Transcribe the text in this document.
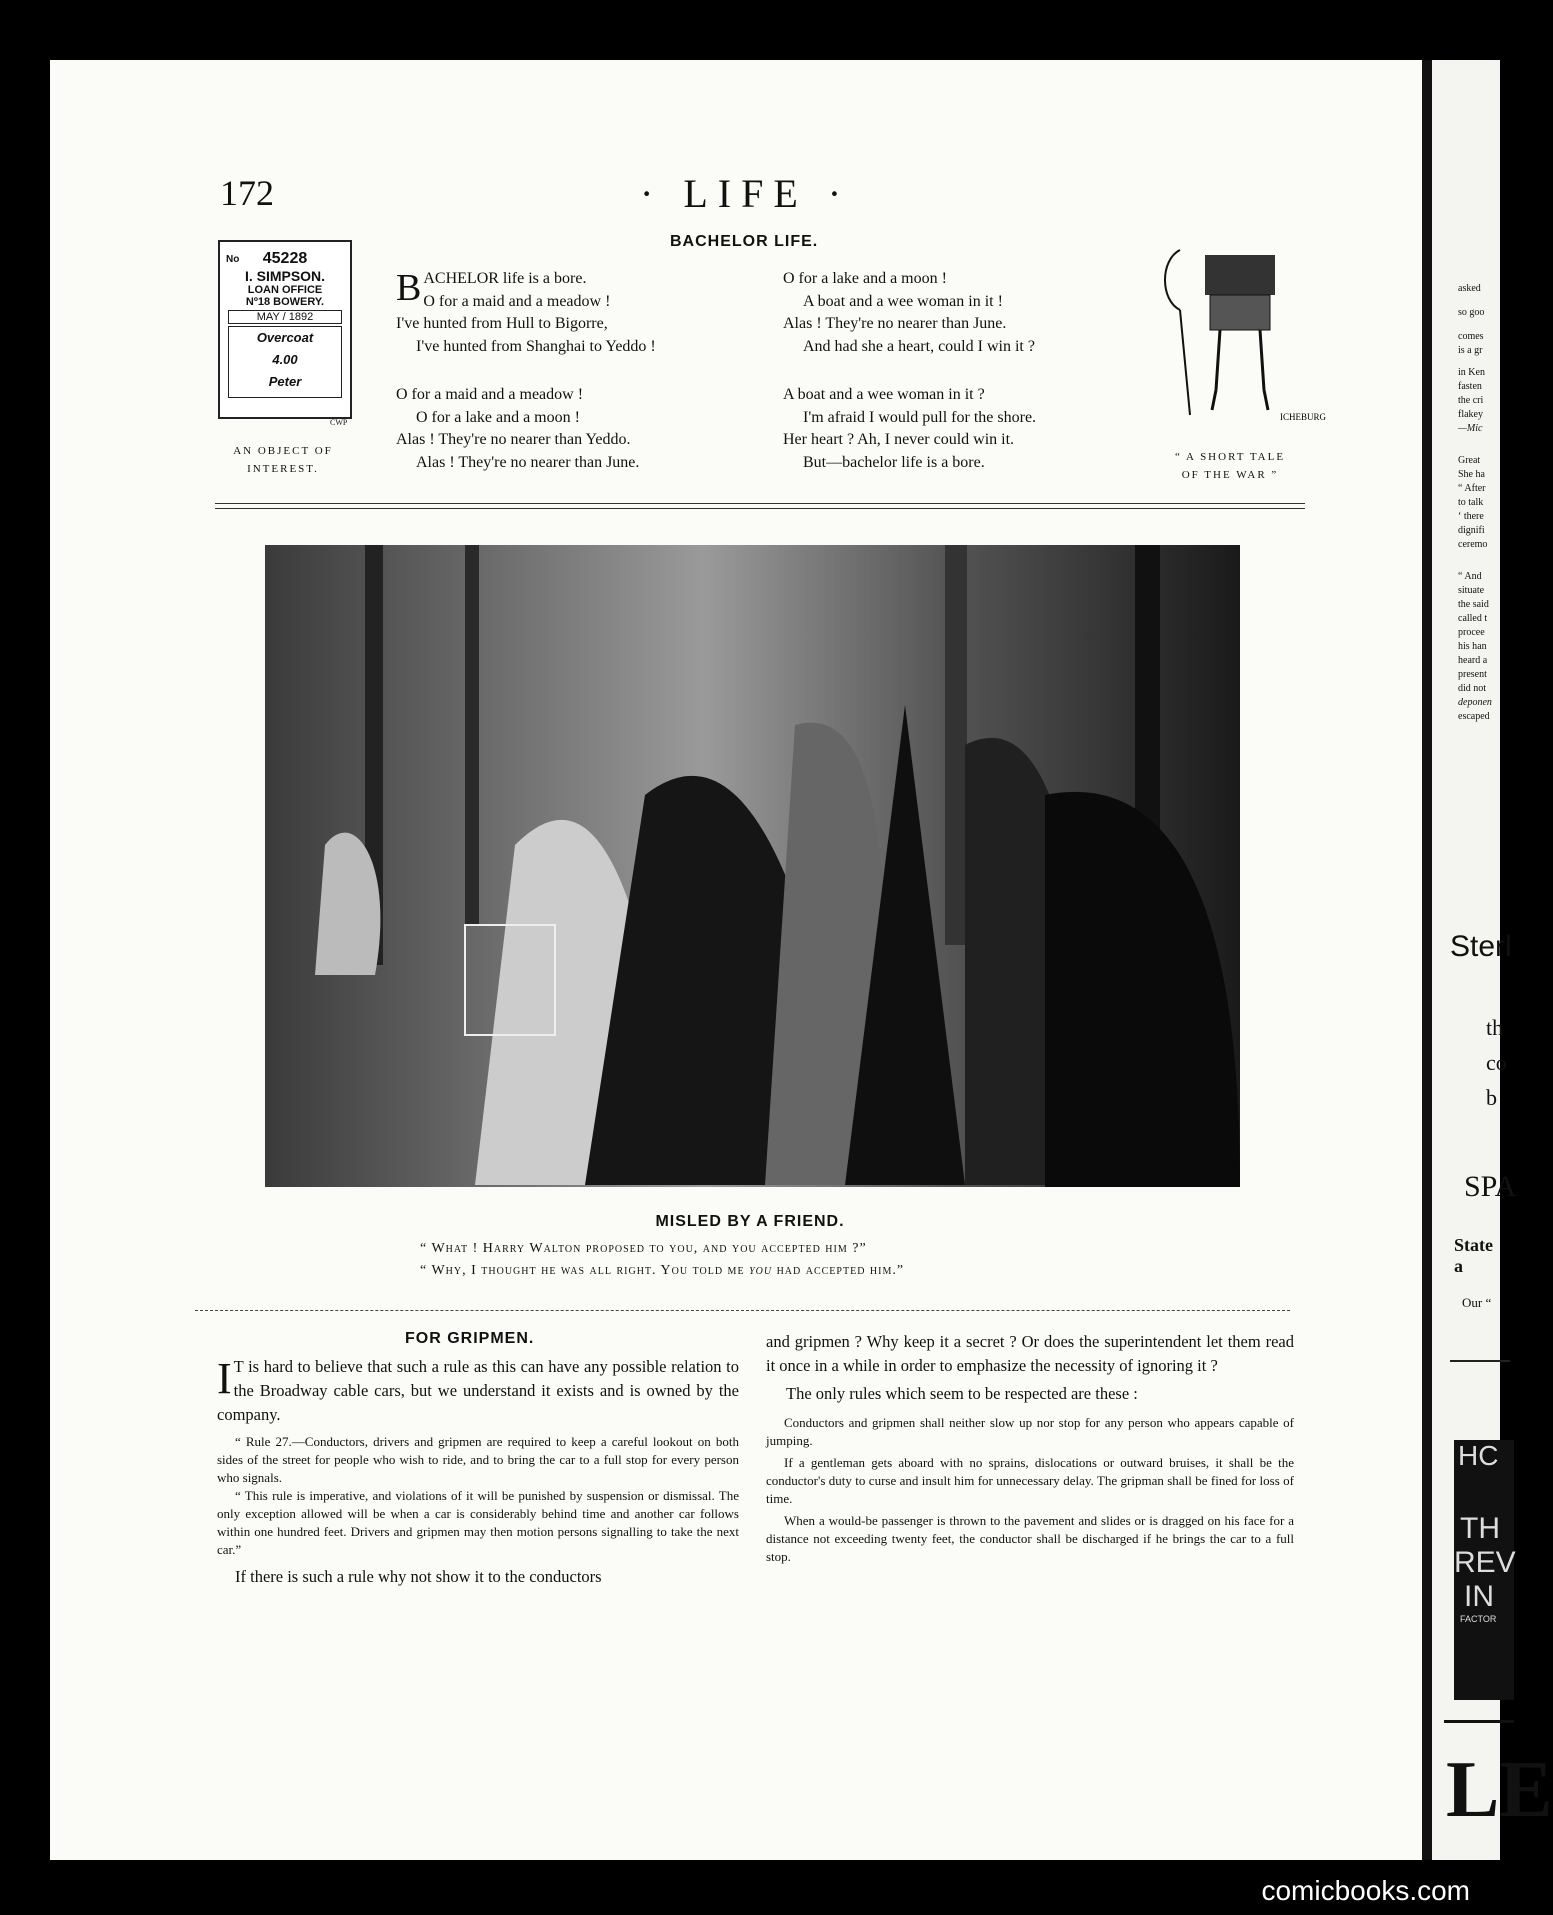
172	· LIFE ·
No	45228
I. SIMPSON.
LOAN OFFICE
Nº18 BOWERY.
MAY / 1892
Overcoat
4.00
Peter
CWP
AN OBJECT OF
INTEREST.
BACHELOR LIFE.
BACHELOR life is a bore.
O for a maid and a meadow !
I've hunted from Hull to Bigorre,
I've hunted from Shanghai to Yeddo !
O for a maid and a meadow !
O for a lake and a moon !
Alas ! They're no nearer than Yeddo.
Alas ! They're no nearer than June.
O for a lake and a moon !
A boat and a wee woman in it !
Alas ! They're no nearer than June.
And had she a heart, could I win it ?
A boat and a wee woman in it ?
I'm afraid I would pull for the shore.
Her heart ? Ah, I never could win it.
But—bachelor life is a bore.
ICHEBURG
“ A SHORT TALE
OF THE WAR ”
MISLED BY A FRIEND.
“ What ! Harry Walton proposed to you, and you accepted him ?”
“ Why, I thought he was all right. You told me you had accepted him.”
FOR GRIPMEN.
I T is hard to believe that such a rule as this can have any possible relation to the Broadway cable cars, but we understand it exists and is owned by the company.

“ Rule 27.—Conductors, drivers and gripmen are required to keep a careful lookout on both sides of the street for people who wish to ride, and to bring the car to a full stop for every person who signals.

“ This rule is imperative, and violations of it will be punished by suspension or dismissal. The only exception allowed will be when a car is considerably behind time and another car follows within one hundred feet. Drivers and gripmen may then motion persons signalling to take the next car.”

If there is such a rule why not show it to the conductors
and gripmen ? Why keep it a secret ? Or does the superintendent let them read it once in a while in order to emphasize the necessity of ignoring it ?
The only rules which seem to be respected are these :

Conductors and gripmen shall neither slow up nor stop for any person who appears capable of jumping.

If a gentleman gets aboard with no sprains, dislocations or outward bruises, it shall be the conductor's duty to curse and insult him for unnecessary delay. The gripman shall be fined for loss of time.

When a would-be passenger is thrown to the pavement and slides or is dragged on his face for a distance not exceeding twenty feet, the conductor shall be discharged if he brings the car to a full stop.

asked
so goo
comes
is a gr
in Ken
fasten
the cri
flakey
—Mic
Great
She ha
“ After
to talk
‘ there
dignifi
ceremo
“ And
situate
the said
called t
procee
his han
heard a
present
did not
deponen
escaped
Sterl
th
co
b
SPA
State a
Our “
HC
TH
REV
IN
FACTOR
LE
comicbooks.com
